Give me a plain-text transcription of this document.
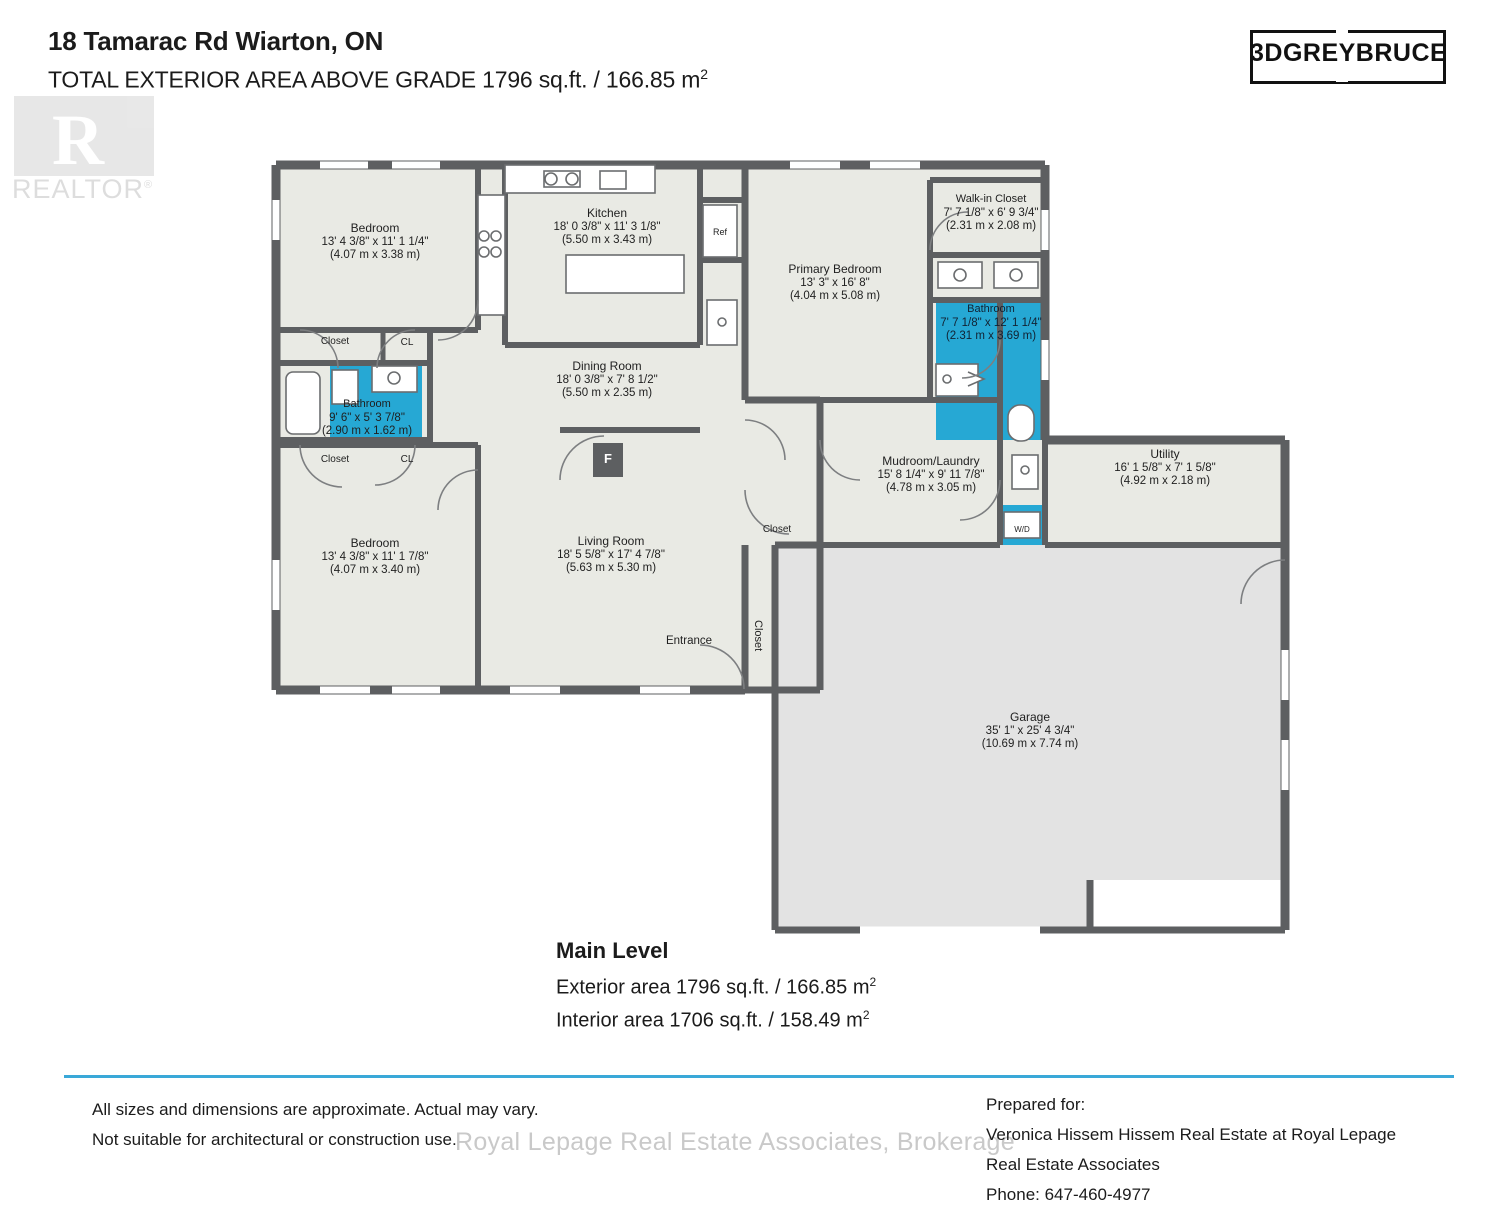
18 Tamarac Rd Wiarton, ON
TOTAL EXTERIOR AREA ABOVE GRADE 1796 sq.ft. / 166.85 $m^2$
R
REALTOR®
3DGREYBRUCE
Bedroom
13' 4 3/8" x 11' 1 1/4"
(4.07 m x 3.38 m)
Kitchen
18' 0 3/8" x 11' 3 1/8"
(5.50 m x 3.43 m)
Walk-in Closet
7' 7 1/8" x 6' 9 3/4"
(2.31 m x 2.08 m)
Primary Bedroom
13' 3" x 16' 8"
(4.04 m x 5.08 m)
Bathroom
7' 7 1/8" x 12' 1 1/4"
(2.31 m x 3.69 m)
Bathroom
9' 6" x 5' 3 7/8"
(2.90 m x 1.62 m)
Dining Room
18' 0 3/8" x 7' 8 1/2"
(5.50 m x 2.35 m)
Mudroom/Laundry
15' 8 1/4" x 9' 11 7/8"
(4.78 m x 3.05 m)
Utility
16' 1 5/8" x 7' 1 5/8"
(4.92 m x 2.18 m)
Bedroom
13' 4 3/8" x 11' 1 7/8"
(4.07 m x 3.40 m)
Living Room
18' 5 5/8" x 17' 4 7/8"
(5.63 m x 5.30 m)
Garage
35' 1" x 25' 4 3/4"
(10.69 m x 7.74 m)
Closet
Closet
CL
CL
Closet
Closet
Entrance
Ref
F
W/D
Main Level
Exterior area 1796 sq.ft. / 166.85 $m^2$
Interior area 1706 sq.ft. / 158.49 $m^2$
Royal Lepage Real Estate Associates, Brokerage
All sizes and dimensions are approximate. Actual may vary.
Not suitable for architectural or construction use.
Prepared for:
Veronica Hissem Hissem Real Estate at Royal Lepage
Real Estate Associates
Phone: 647-460-4977
